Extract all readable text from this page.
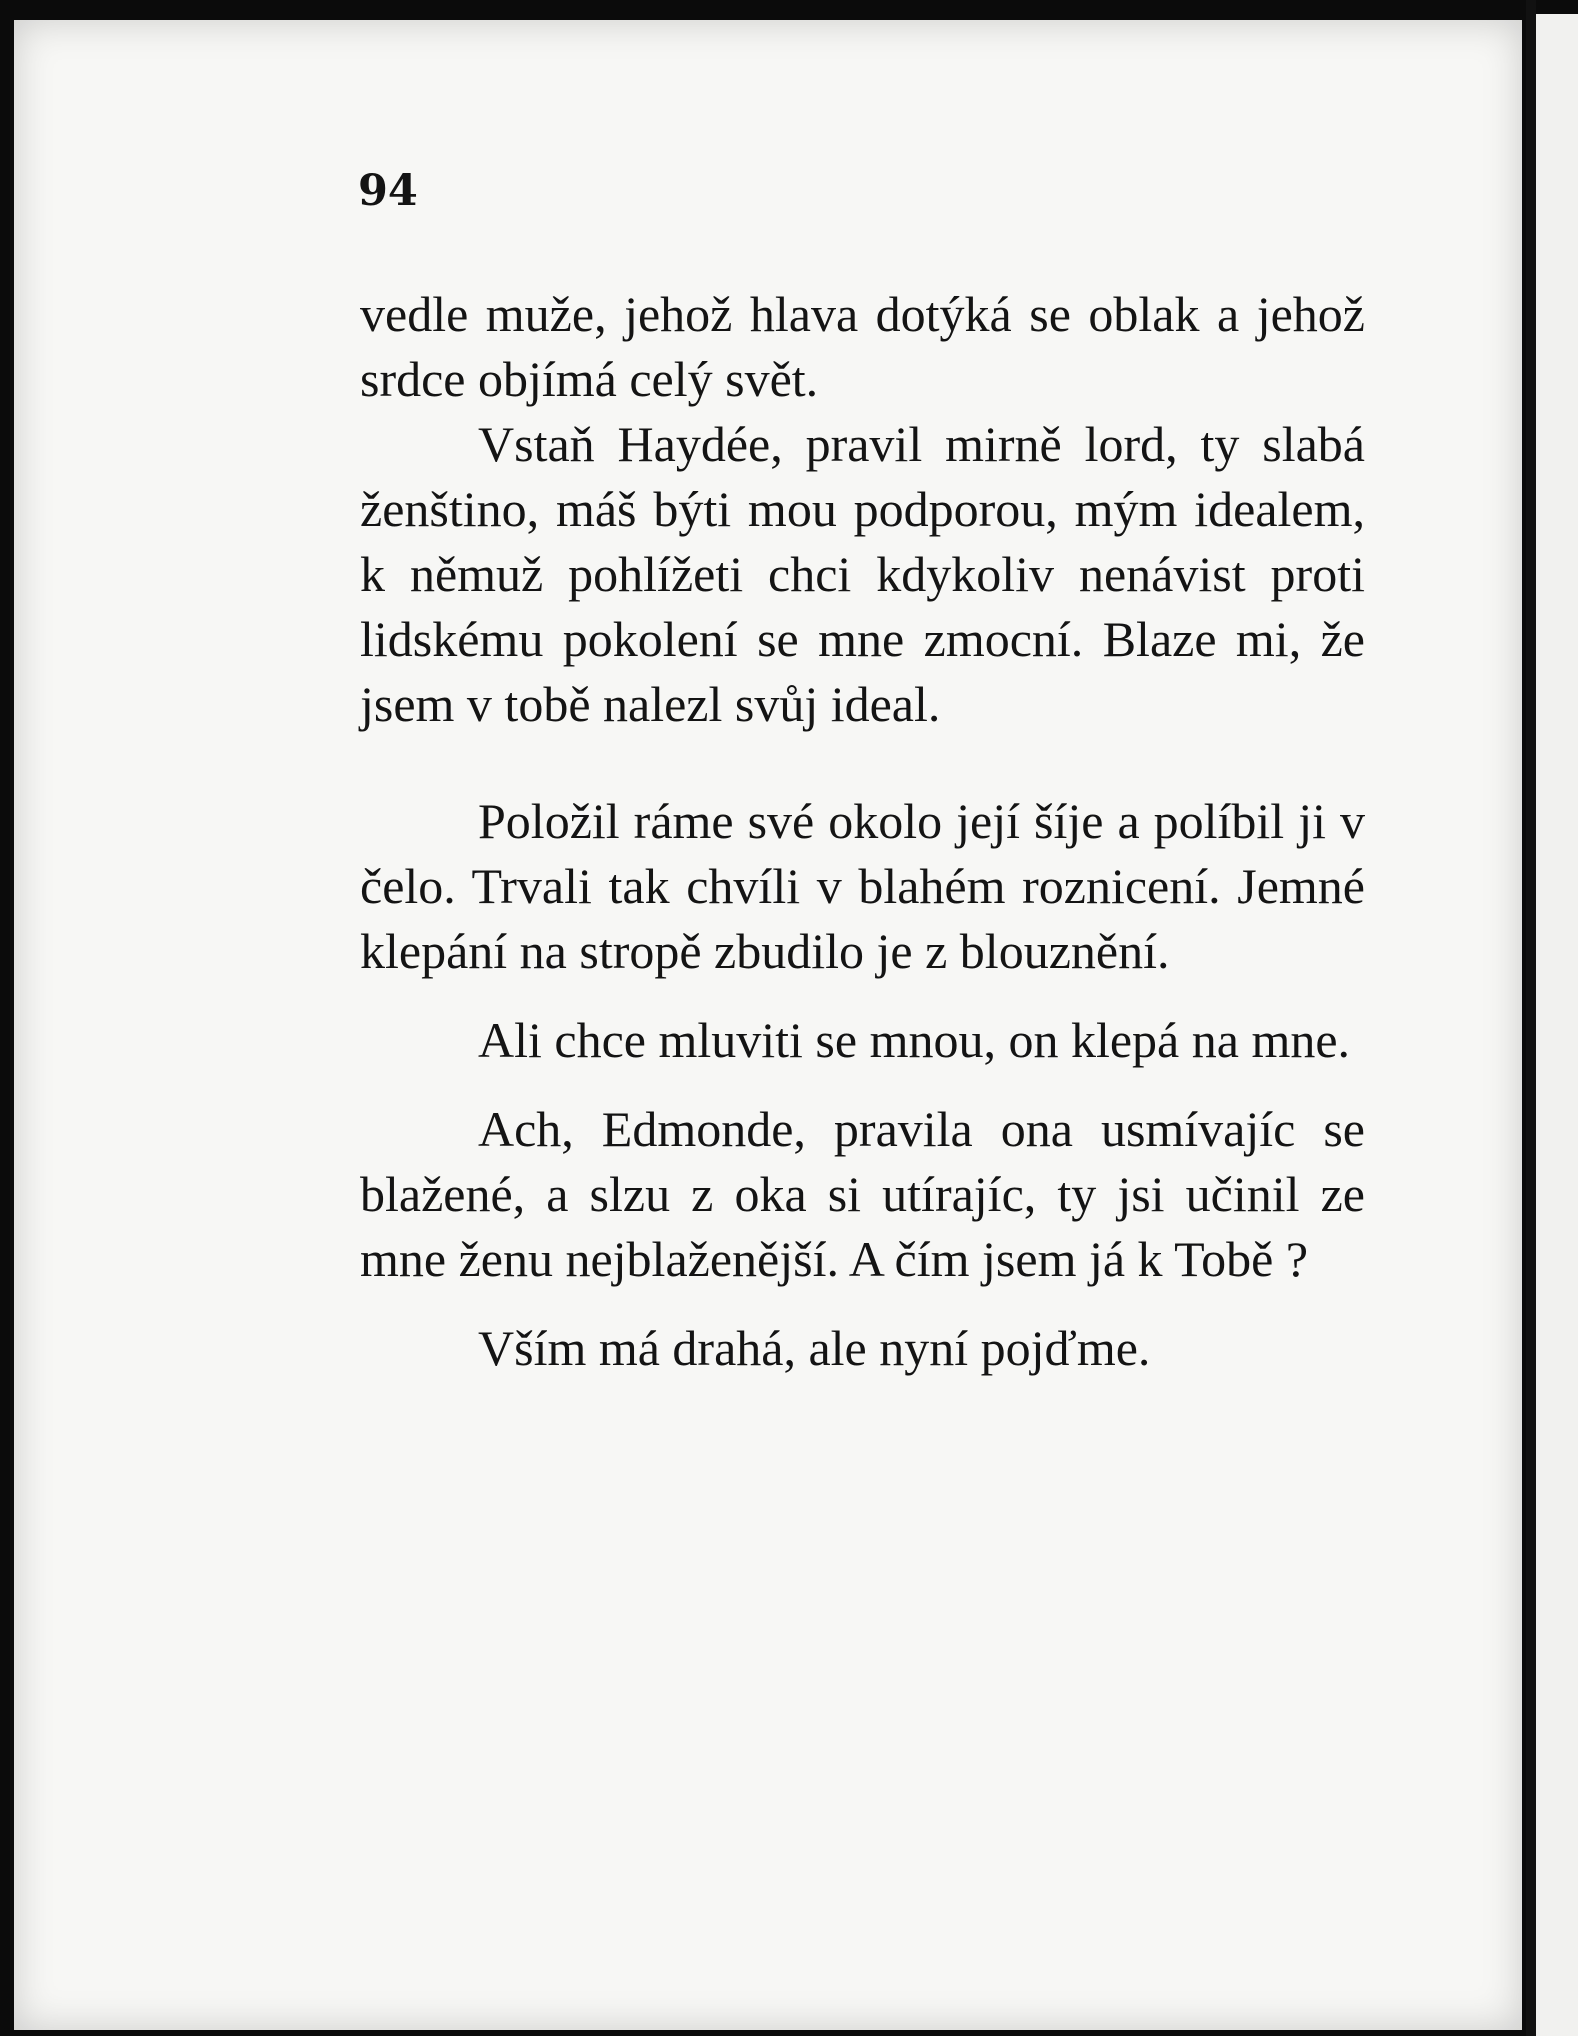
94

vedle muže, jehož hlava dotýká se oblak a jehož srdce objímá celý svět.

Vstaň Haydée, pravil mirně lord, ty slabá ženštino, máš býti mou podporou, mým idealem, k němuž pohlížeti chci kdykoliv nenávist proti lidskému pokolení se mne zmocní. Blaze mi, že jsem v tobě nalezl svůj ideal.

Položil ráme své okolo její šíje a políbil ji v čelo. Trvali tak chvíli v blahém roznicení. Jemné klepání na stropě zbudilo je z blouznění.

Ali chce mluviti se mnou, on klepá na mne.

Ach, Edmonde, pravila ona usmívajíc se blažené, a slzu z oka si utírajíc, ty jsi učinil ze mne ženu nejblaženější. A čím jsem já k Tobě ?

Vším má drahá, ale nyní pojďme.
